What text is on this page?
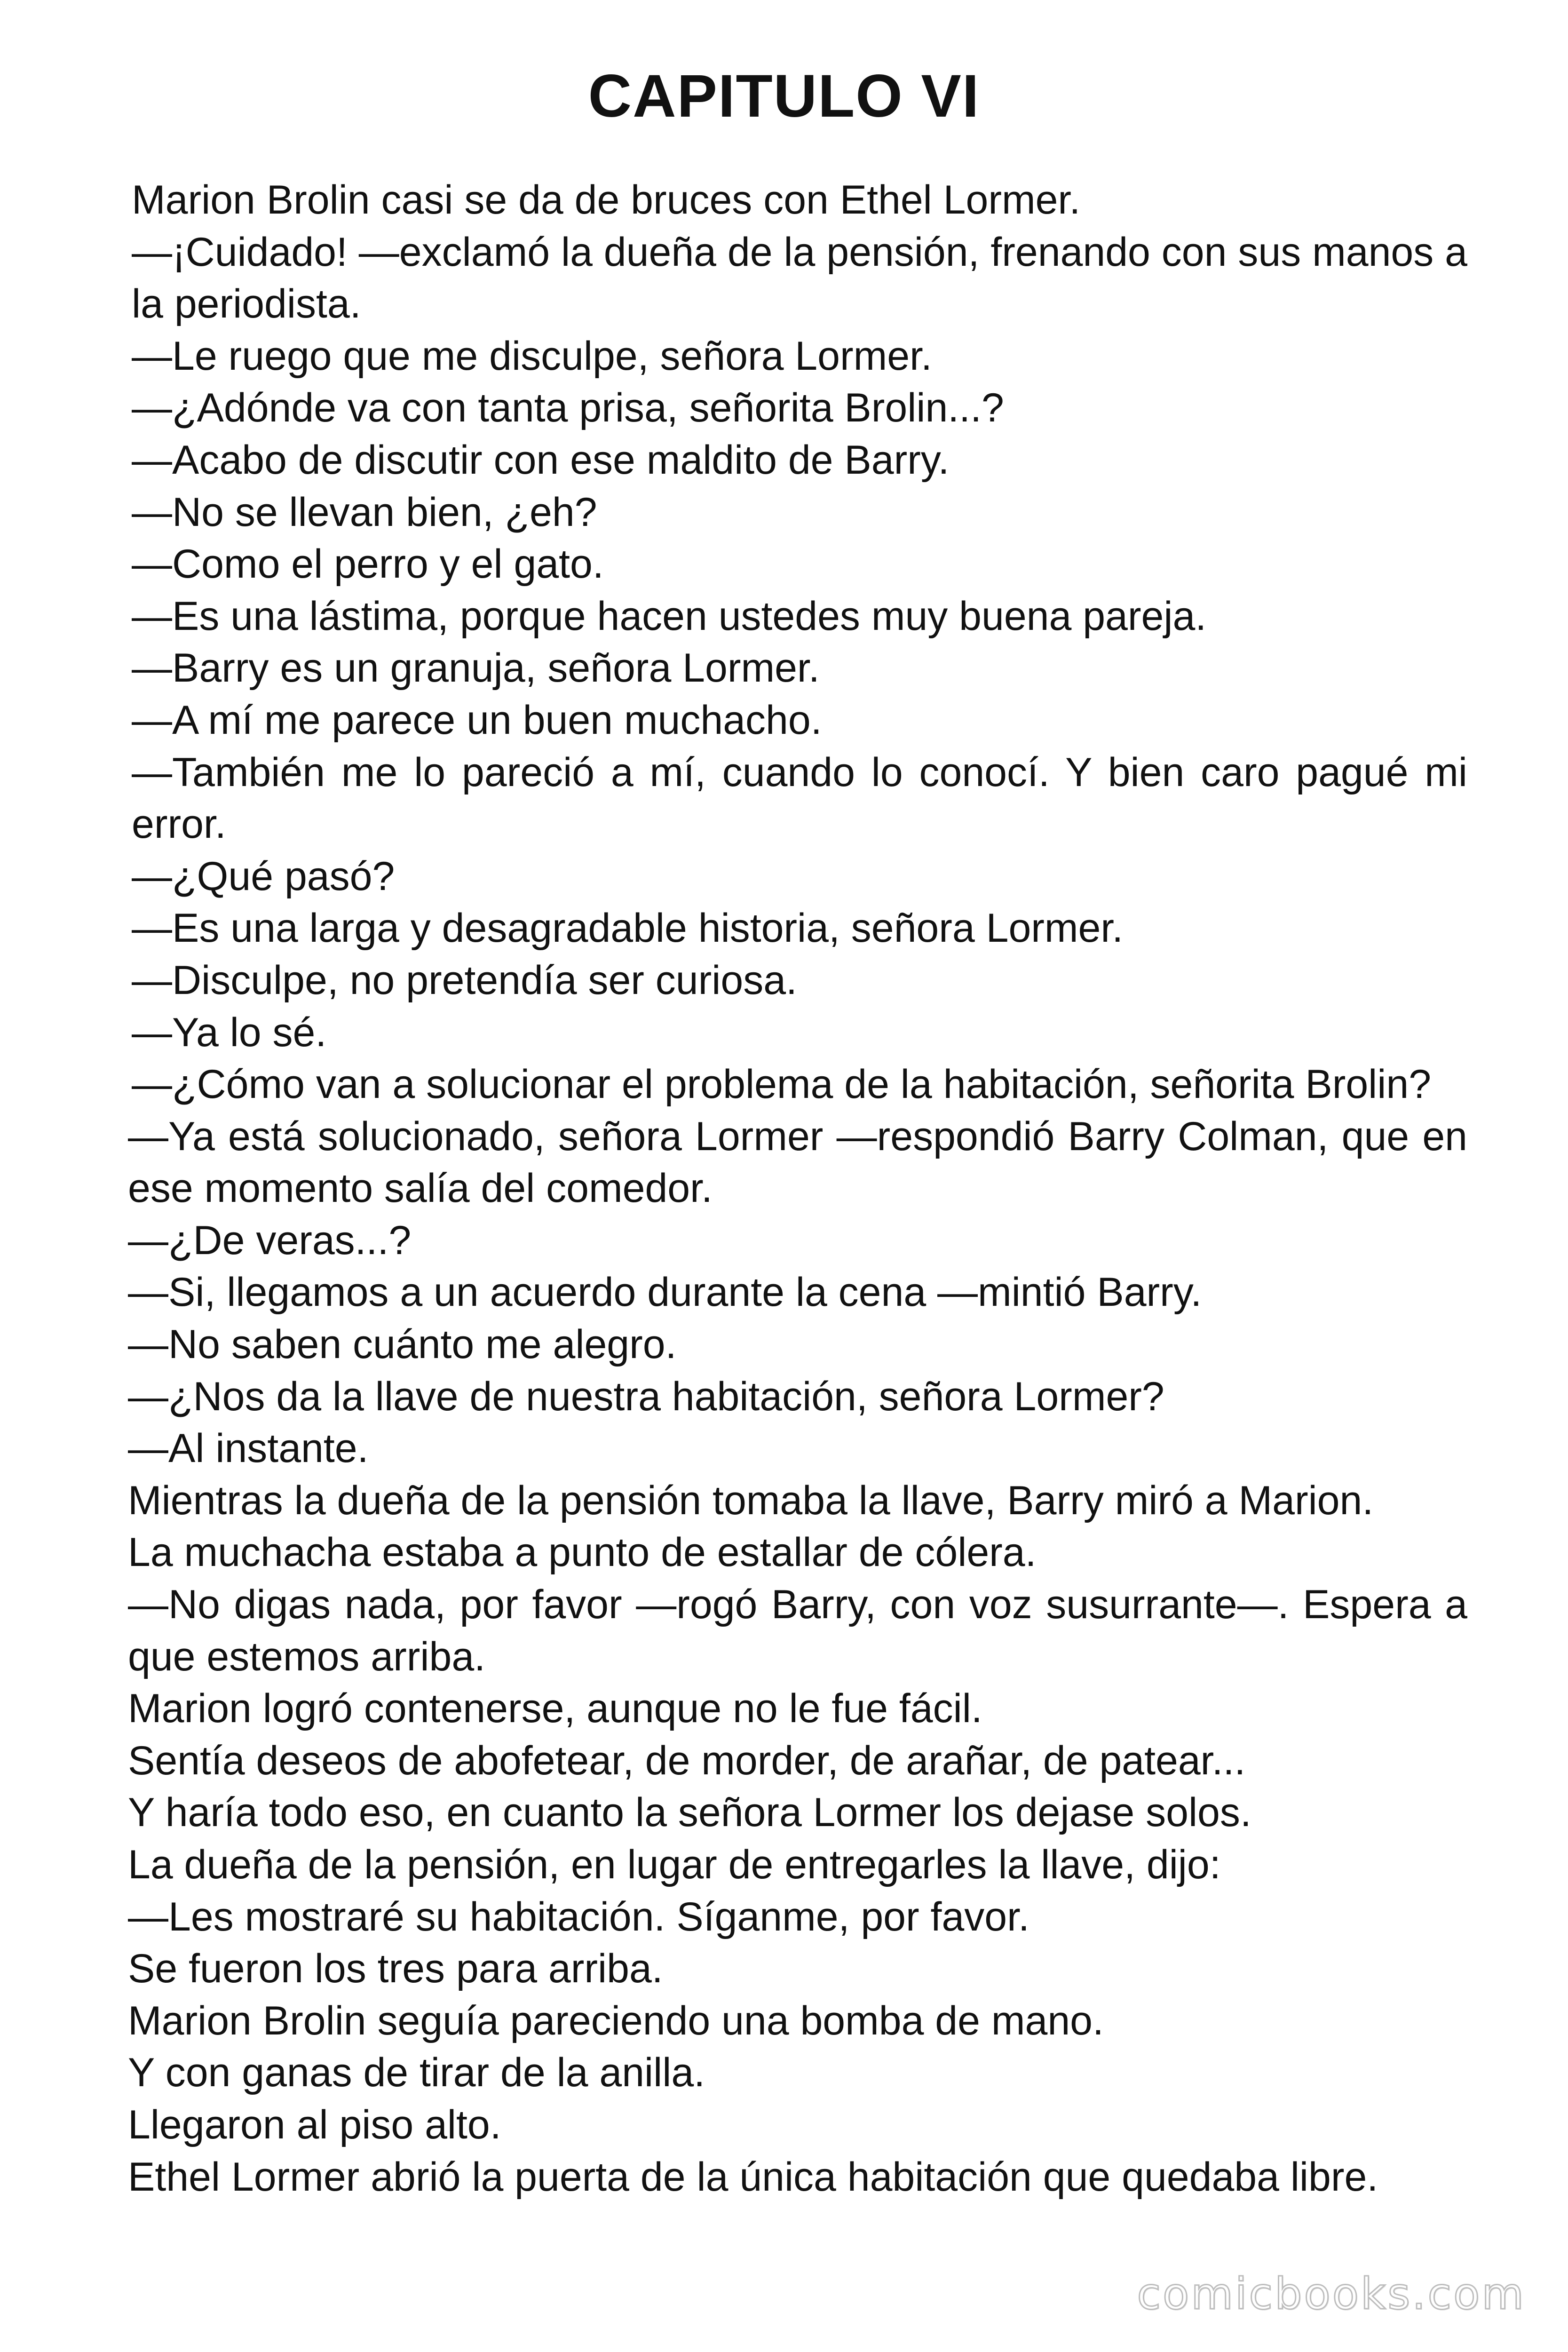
CAPITULO VI

Marion Brolin casi se da de bruces con Ethel Lormer.

—¡Cuidado! —exclamó la dueña de la pensión, frenando con sus manos a la periodista.

—Le ruego que me disculpe, señora Lormer.

—¿Adónde va con tanta prisa, señorita Brolin...?

—Acabo de discutir con ese maldito de Barry.

—No se llevan bien, ¿eh?

—Como el perro y el gato.

—Es una lástima, porque hacen ustedes muy buena pareja.

—Barry es un granuja, señora Lormer.

—A mí me parece un buen muchacho.

—También me lo pareció a mí, cuando lo conocí. Y bien caro pagué mi error.

—¿Qué pasó?

—Es una larga y desagradable historia, señora Lormer.

—Disculpe, no pretendía ser curiosa.

—Ya lo sé.

—¿Cómo van a solucionar el problema de la habitación, señorita Brolin?

—Ya está solucionado, señora Lormer —respondió Barry Colman, que en ese momento salía del comedor.

—¿De veras...?

—Si, llegamos a un acuerdo durante la cena —mintió Barry.

—No saben cuánto me alegro.

—¿Nos da la llave de nuestra habitación, señora Lormer?

—Al instante.

Mientras la dueña de la pensión tomaba la llave, Barry miró a Marion.

La muchacha estaba a punto de estallar de cólera.

—No digas nada, por favor —rogó Barry, con voz susurrante—. Espera a que estemos arriba.

Marion logró contenerse, aunque no le fue fácil.

Sentía deseos de abofetear, de morder, de arañar, de patear...

Y haría todo eso, en cuanto la señora Lormer los dejase solos.

La dueña de la pensión, en lugar de entregarles la llave, dijo:

—Les mostraré su habitación. Síganme, por favor.

Se fueron los tres para arriba.

Marion Brolin seguía pareciendo una bomba de mano.

Y con ganas de tirar de la anilla.

Llegaron al piso alto.

Ethel Lormer abrió la puerta de la única habitación que quedaba libre.

comicbooks.com
